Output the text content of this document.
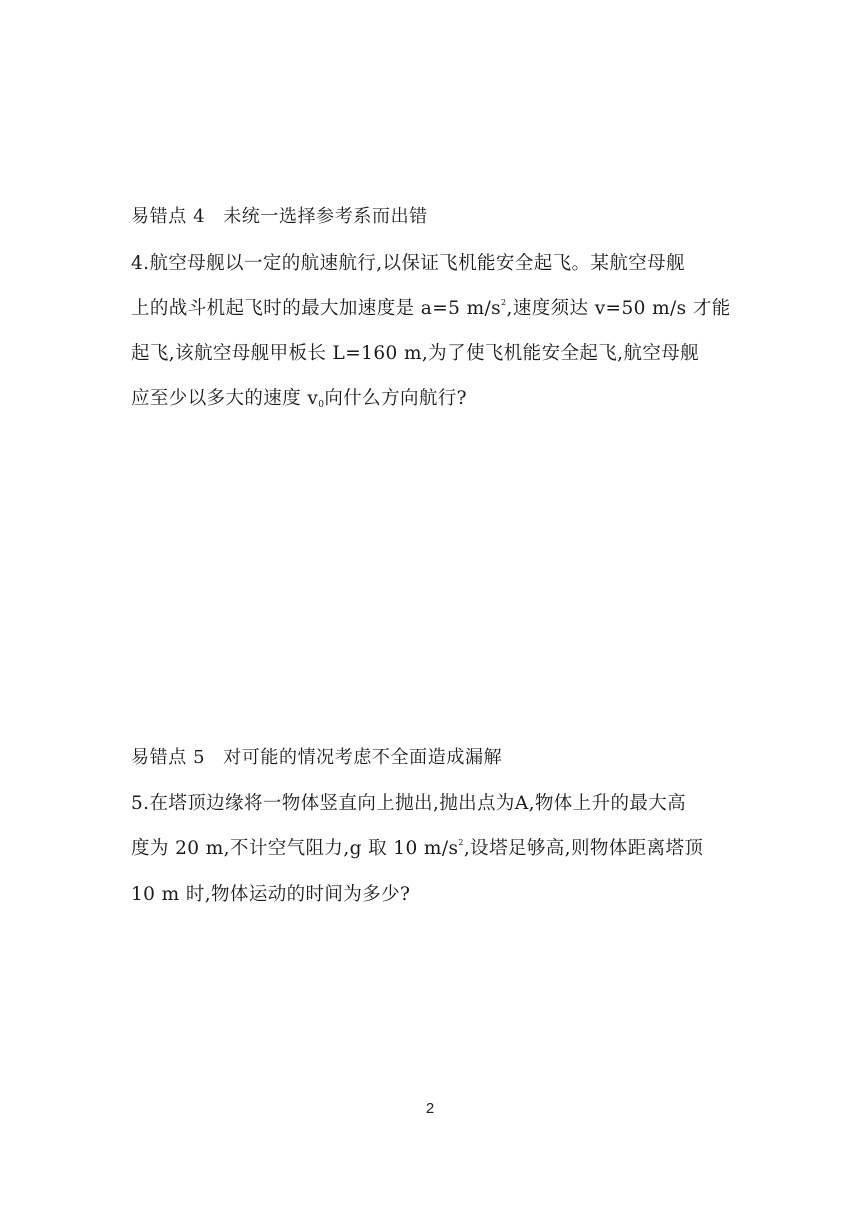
易错点 4 未统一选择参考系而出错
4.航空母舰以一定的航速航行,以保证飞机能安全起飞。某航空母舰
上的战斗机起飞时的最大加速度是 a=5 $m/s^2$,速度须达 v=50 m/s 才能
起飞,该航空母舰甲板长 L=160 m,为了使飞机能安全起飞,航空母舰
应至少以多大的速度 $v_0$向什么方向航行?
易错点 5 对可能的情况考虑不全面造成漏解
5.在塔顶边缘将一物体竖直向上抛出,抛出点为A,物体上升的最大高
度为 20 m,不计空气阻力,g 取 10 $m/s^2$,设塔足够高,则物体距离塔顶
10 m 时,物体运动的时间为多少?
2
